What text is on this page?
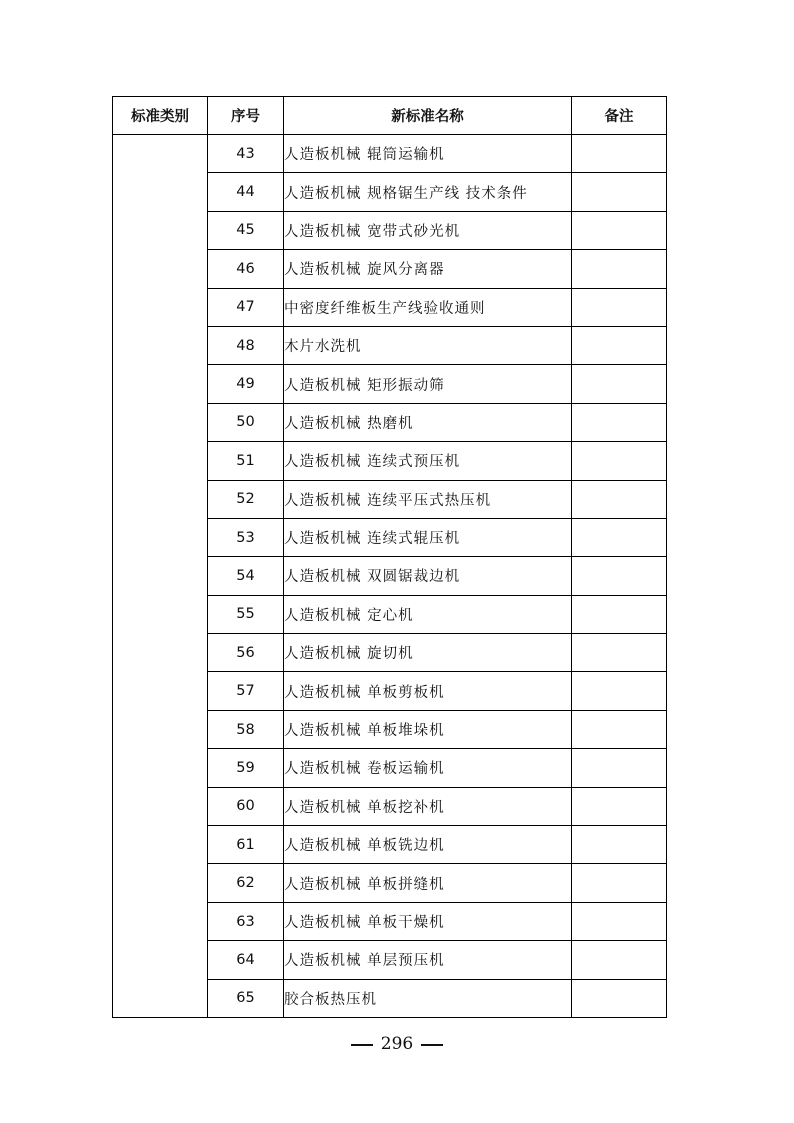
标准类别	序号	新标准名称	备注
	43	人造板机械 辊筒运输机	
	44	人造板机械 规格锯生产线 技术条件	
	45	人造板机械 宽带式砂光机	
	46	人造板机械 旋风分离器	
	47	中密度纤维板生产线验收通则	
	48	木片水洗机	
	49	人造板机械 矩形振动筛	
	50	人造板机械 热磨机	
	51	人造板机械 连续式预压机	
	52	人造板机械 连续平压式热压机	
	53	人造板机械 连续式辊压机	
	54	人造板机械 双圆锯裁边机	
	55	人造板机械 定心机	
	56	人造板机械 旋切机	
	57	人造板机械 单板剪板机	
	58	人造板机械 单板堆垛机	
	59	人造板机械 卷板运输机	
	60	人造板机械 单板挖补机	
	61	人造板机械 单板铣边机	
	62	人造板机械 单板拼缝机	
	63	人造板机械 单板干燥机	
	64	人造板机械 单层预压机	
	65	胶合板热压机	
296
